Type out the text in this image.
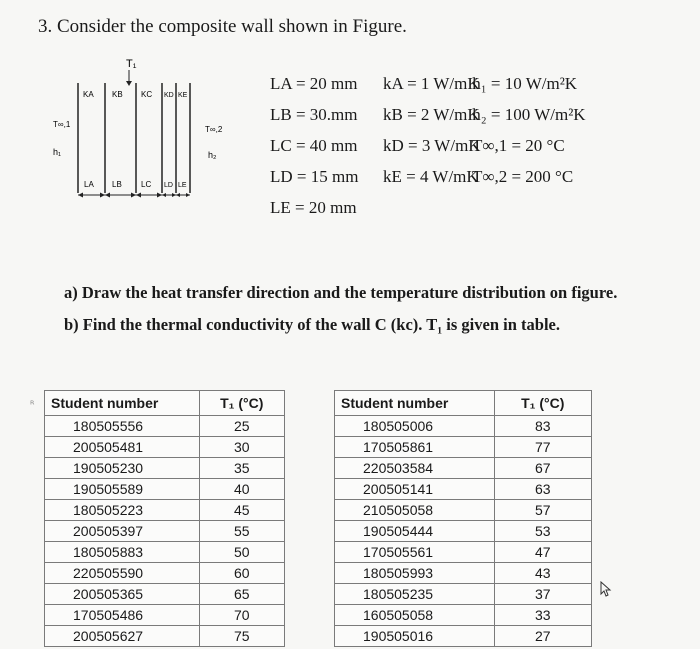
3. Consider the composite wall shown in Figure.
T₁
KA KB KC KD KE
T∞,1
h₁
T∞,2
h₂
LA LB LC LD LE
LA = 20 mm kA = 1 W/mK h₁ = 10 W/m²K
LB = 30.mm kB = 2 W/mK h₂ = 100 W/m²K
LC = 40 mm kD = 3 W/mK T∞,1 = 20 °C
LD = 15 mm kE = 4 W/mK T∞,2 = 200 °C
LE = 20 mm
a) Draw the heat transfer direction and the temperature distribution on figure.
b) Find the thermal conductivity of the wall C (kc). T₁ is given in table.
ᴿ Student number	T₁ (°C)
180505556	25
200505481	30
190505230	35
190505589	40
180505223	45
200505397	55
180505883	50
220505590	60
200505365	65
170505486	70
200505627	75
Student number	T₁ (°C)
180505006	83
170505861	77
220503584	67
200505141	63
210505058	57
190505444	53
170505561	47
180505993	43
180505235	37
160505058	33
190505016	27
